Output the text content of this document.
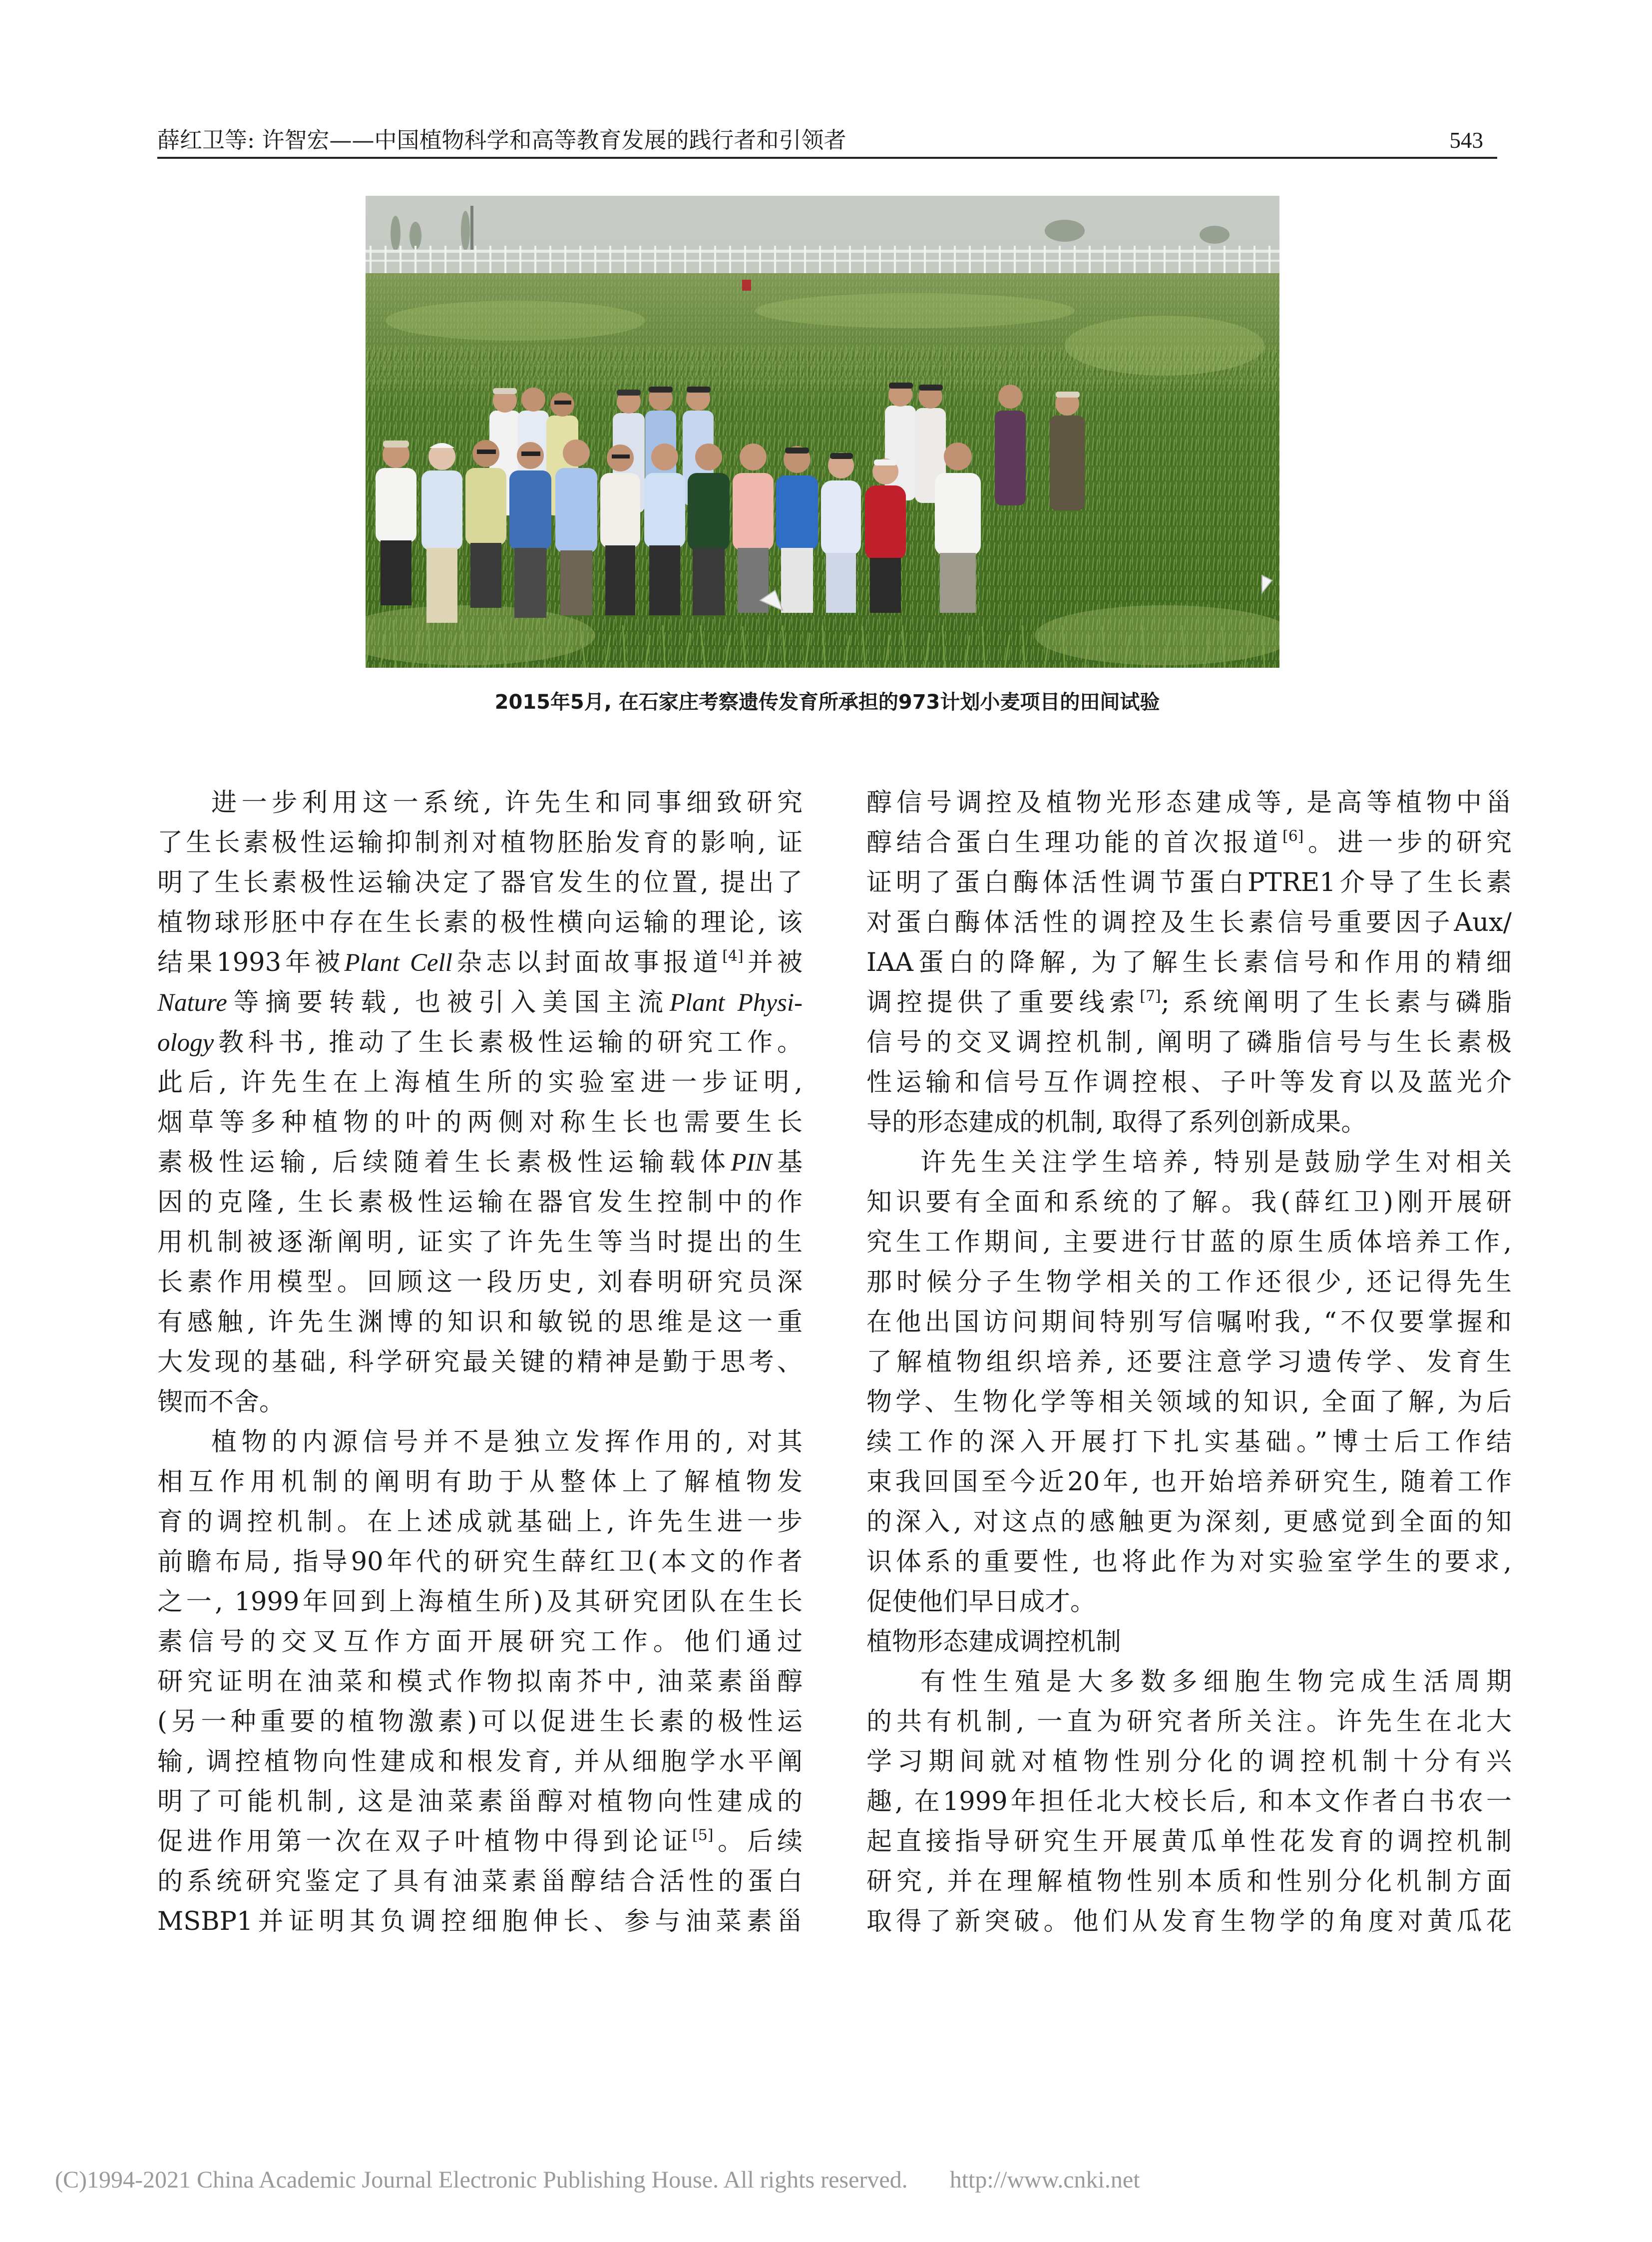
薛红卫等: 许智宏——中国植物科学和高等教育发展的践行者和引领者	543
2015年5月, 在石家庄考察遗传发育所承担的973计划小麦项目的田间试验
进一步利用这一系统, 许先生和同事细致研究
了生长素极性运输抑制剂对植物胚胎发育的影响, 证
明了生长素极性运输决定了器官发生的位置, 提出了
植物球形胚中存在生长素的极性横向运输的理论, 该
结果1993年被Plant Cell杂志以封面故事报道[4]并被
Nature等摘要转载, 也被引入美国主流Plant Physi-
ology教科书, 推动了生长素极性运输的研究工作。
此后, 许先生在上海植生所的实验室进一步证明,
烟草等多种植物的叶的两侧对称生长也需要生长
素极性运输, 后续随着生长素极性运输载体PIN基
因的克隆, 生长素极性运输在器官发生控制中的作
用机制被逐渐阐明, 证实了许先生等当时提出的生
长素作用模型。回顾这一段历史, 刘春明研究员深
有感触, 许先生渊博的知识和敏锐的思维是这一重
大发现的基础, 科学研究最关键的精神是勤于思考、
锲而不舍。
植物的内源信号并不是独立发挥作用的, 对其
相互作用机制的阐明有助于从整体上了解植物发
育的调控机制。在上述成就基础上, 许先生进一步
前瞻布局, 指导90年代的研究生薛红卫(本文的作者
之一, 1999年回到上海植生所)及其研究团队在生长
素信号的交叉互作方面开展研究工作。他们通过
研究证明在油菜和模式作物拟南芥中, 油菜素甾醇
(另一种重要的植物激素)可以促进生长素的极性运
输, 调控植物向性建成和根发育, 并从细胞学水平阐
明了可能机制, 这是油菜素甾醇对植物向性建成的
促进作用第一次在双子叶植物中得到论证[5]。后续
的系统研究鉴定了具有油菜素甾醇结合活性的蛋白
MSBP1并证明其负调控细胞伸长、参与油菜素甾
醇信号调控及植物光形态建成等, 是高等植物中甾
醇结合蛋白生理功能的首次报道[6]。进一步的研究
证明了蛋白酶体活性调节蛋白PTRE1介导了生长素
对蛋白酶体活性的调控及生长素信号重要因子Aux/
IAA蛋白的降解, 为了解生长素信号和作用的精细
调控提供了重要线索[7]; 系统阐明了生长素与磷脂
信号的交叉调控机制, 阐明了磷脂信号与生长素极
性运输和信号互作调控根、子叶等发育以及蓝光介
导的形态建成的机制, 取得了系列创新成果。
许先生关注学生培养, 特别是鼓励学生对相关
知识要有全面和系统的了解。我(薛红卫)刚开展研
究生工作期间, 主要进行甘蓝的原生质体培养工作,
那时候分子生物学相关的工作还很少, 还记得先生
在他出国访问期间特别写信嘱咐我, “不仅要掌握和
了解植物组织培养, 还要注意学习遗传学、发育生
物学、生物化学等相关领域的知识, 全面了解, 为后
续工作的深入开展打下扎实基础。”博士后工作结
束我回国至今近20年, 也开始培养研究生, 随着工作
的深入, 对这点的感触更为深刻, 更感觉到全面的知
识体系的重要性, 也将此作为对实验室学生的要求,
促使他们早日成才。
植物形态建成调控机制
有性生殖是大多数多细胞生物完成生活周期
的共有机制, 一直为研究者所关注。许先生在北大
学习期间就对植物性别分化的调控机制十分有兴
趣, 在1999年担任北大校长后, 和本文作者白书农一
起直接指导研究生开展黄瓜单性花发育的调控机制
研究, 并在理解植物性别本质和性别分化机制方面
取得了新突破。他们从发育生物学的角度对黄瓜花
(C)1994-2021 China Academic Journal Electronic Publishing House. All rights reserved. http://www.cnki.net
